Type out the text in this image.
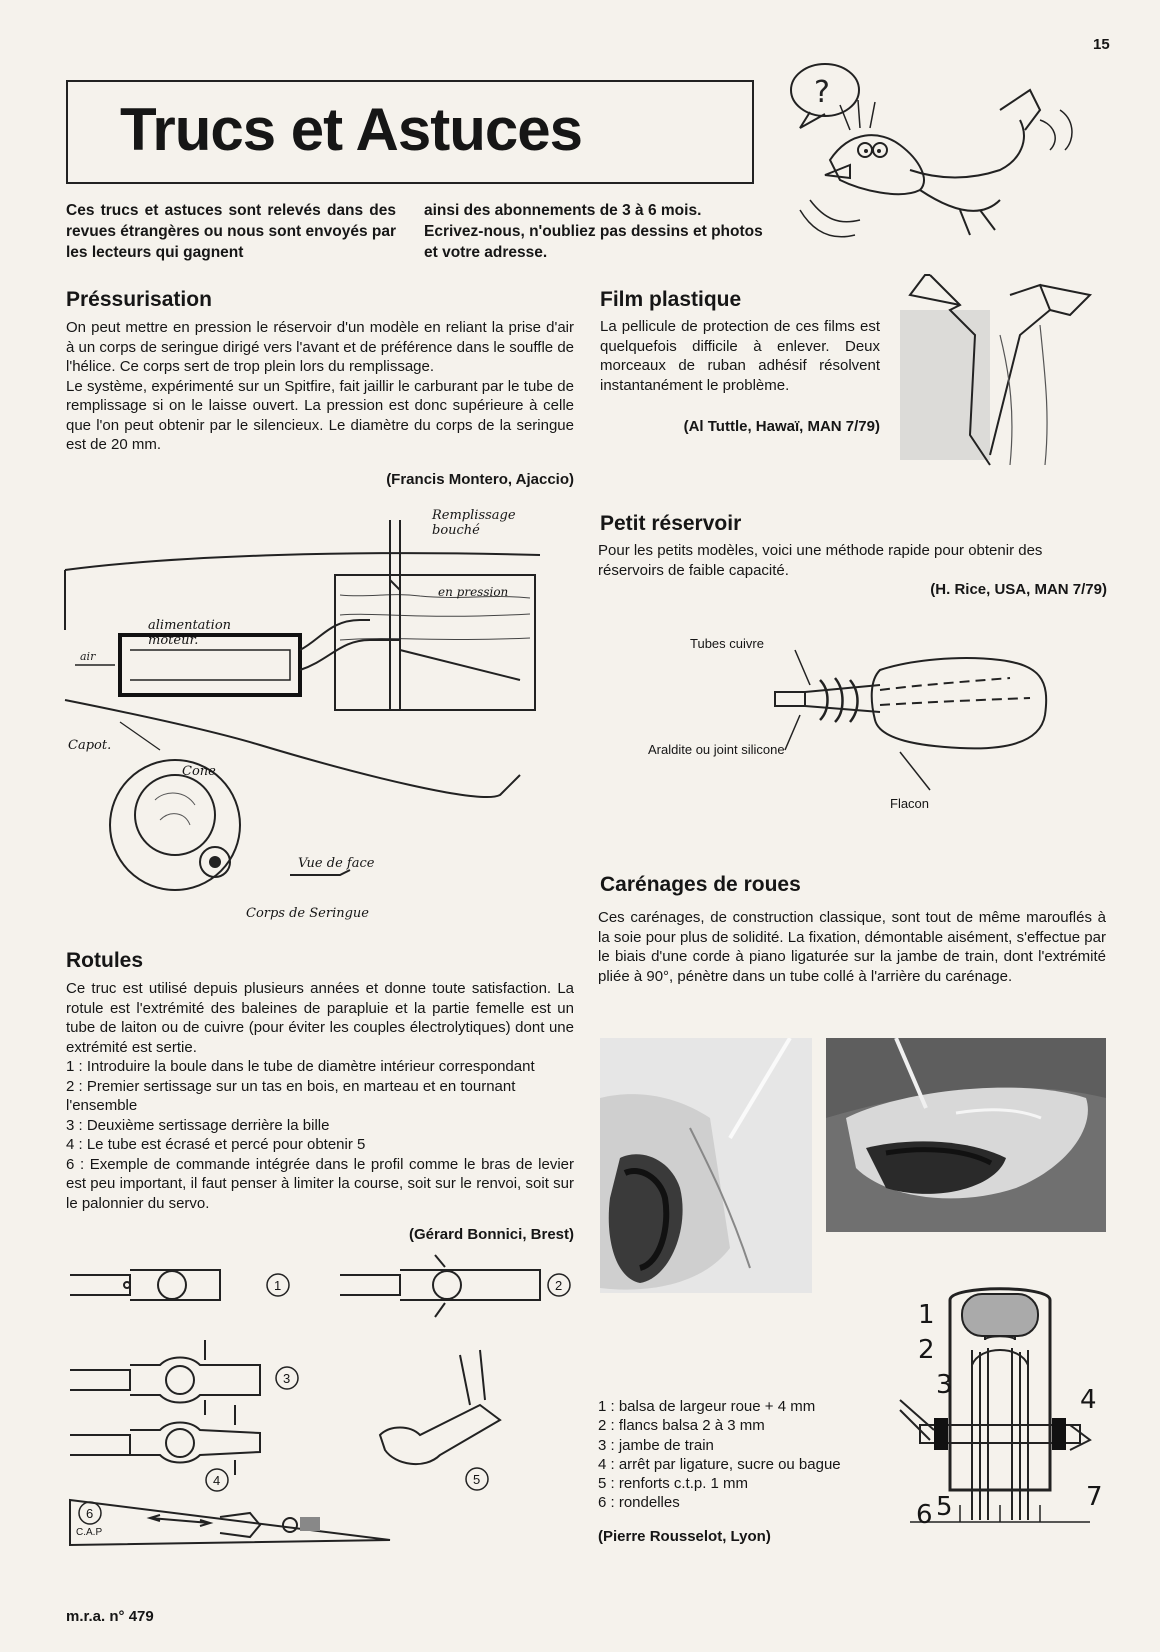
15
Trucs et Astuces
?
Ces trucs et astuces sont relevés dans des revues étrangères ou nous sont envoyés par les lecteurs qui gagnent
ainsi des abonnements de 3 à 6 mois. Ecrivez-nous, n'oubliez pas dessins et photos et votre adresse.
Préssurisation

On peut mettre en pression le réservoir d'un modèle en reliant la prise d'air à un corps de seringue dirigé vers l'avant et de préférence dans le souffle de l'hélice. Ce corps sert de trop plein lors du remplissage.

Le système, expérimenté sur un Spitfire, fait jaillir le carburant par le tube de remplissage si on le laisse ouvert. La pression est donc supérieure à celle que l'on peut obtenir par le silencieux. Le diamètre du corps de la seringue est de 20 mm.

(Francis Montero, Ajaccio)
air
Remplissage bouché
en pression
alimentation moteur.
Capot.
Cone
Vue de face
Corps de Seringue
Film plastique
La pellicule de protection de ces films est quelquefois difficile à enlever. Deux morceaux de ruban adhésif résolvent instantanément le problème.
(Al Tuttle, Hawaï, MAN 7/79)
Petit réservoir
Pour les petits modèles, voici une méthode rapide pour obtenir des réservoirs de faible capacité.
(H. Rice, USA, MAN 7/79)
Tubes cuivre
Araldite ou joint silicone
Flacon
Carénages de roues
Ces carénages, de construction classique, sont tout de même marouflés à la soie pour plus de solidité. La fixation, démontable aisément, s'effectue par le biais d'une corde à piano ligaturée sur la jambe de train, dont l'extrémité pliée à 90°, pénètre dans un tube collé à l'arrière du carénage.
1 : balsa de largeur roue + 4 mm
2 : flancs balsa 2 à 3 mm
3 : jambe de train
4 : arrêt par ligature, sucre ou bague
5 : renforts c.t.p. 1 mm
6 : rondelles
(Pierre Rousselot, Lyon)
1
2
3	4
5
6
7
Rotules

Ce truc est utilisé depuis plusieurs années et donne toute satisfaction. La rotule est l'extrémité des baleines de parapluie et la partie femelle est un tube de laiton ou de cuivre (pour éviter les couples électrolytiques) dont une extrémité est sertie.

1 : Introduire la boule dans le tube de diamètre intérieur correspondant

2 : Premier sertissage sur un tas en bois, en marteau et en tournant l'ensemble

3 : Deuxième sertissage derrière la bille

4 : Le tube est écrasé et percé pour obtenir 5

6 : Exemple de commande intégrée dans le profil comme le bras de levier est peu important, il faut penser à limiter la course, soit sur le renvoi, soit sur le palonnier du servo.

(Gérard Bonnici, Brest)
1	2
3
4	5
6
C.A.P
m.r.a. n° 479
